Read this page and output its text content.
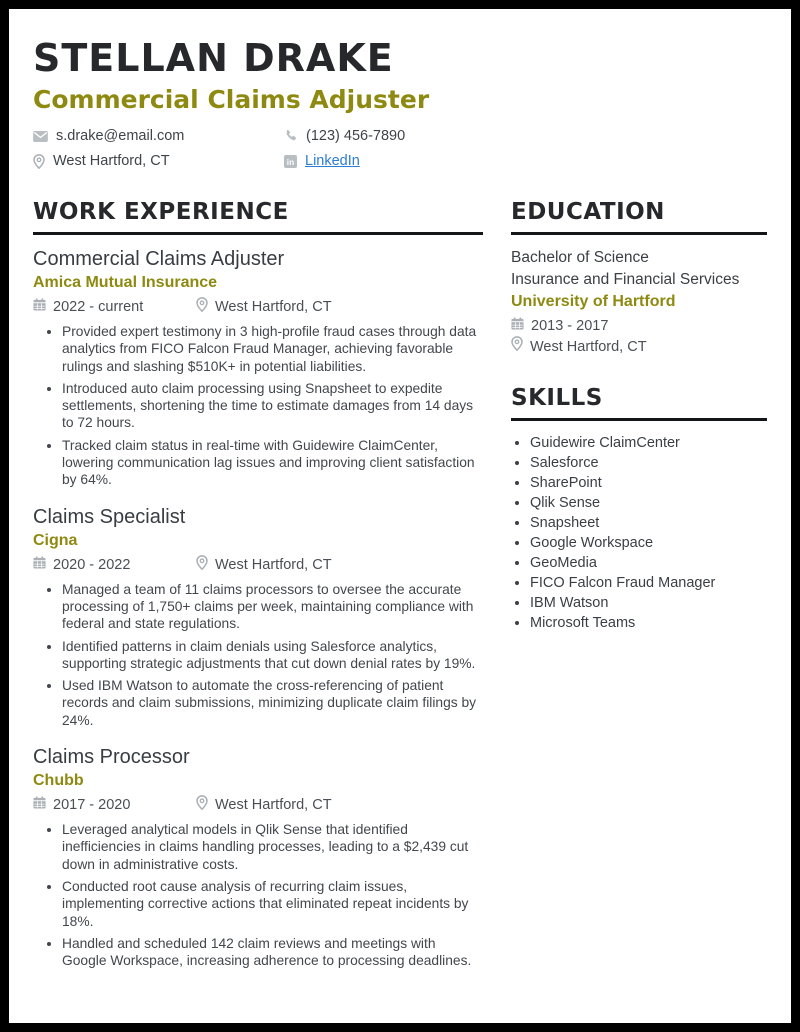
STELLAN DRAKE
Commercial Claims Adjuster
s.drake@email.com	(123) 456-7890
West Hartford, CT	in LinkedIn
WORK EXPERIENCE
Commercial Claims Adjuster
Amica Mutual Insurance
2022 - current	West Hartford, CT
• Provided expert testimony in 3 high-profile fraud cases through data analytics from FICO Falcon Fraud Manager, achieving favorable rulings and slashing $510K+ in potential liabilities.
• Introduced auto claim processing using Snapsheet to expedite settlements, shortening the time to estimate damages from 14 days to 72 hours.
• Tracked claim status in real-time with Guidewire ClaimCenter, lowering communication lag issues and improving client satisfaction by 64%.
Claims Specialist
Cigna
2020 - 2022	West Hartford, CT
• Managed a team of 11 claims processors to oversee the accurate processing of 1,750+ claims per week, maintaining compliance with federal and state regulations.
• Identified patterns in claim denials using Salesforce analytics, supporting strategic adjustments that cut down denial rates by 19%.
• Used IBM Watson to automate the cross-referencing of patient records and claim submissions, minimizing duplicate claim filings by 24%.
Claims Processor
Chubb
2017 - 2020	West Hartford, CT
• Leveraged analytical models in Qlik Sense that identified inefficiencies in claims handling processes, leading to a $2,439 cut down in administrative costs.
• Conducted root cause analysis of recurring claim issues, implementing corrective actions that eliminated repeat incidents by 18%.
• Handled and scheduled 142 claim reviews and meetings with Google Workspace, increasing adherence to processing deadlines.
EDUCATION

Bachelor of Science

Insurance and Financial Services

University of Hartford
2013 - 2017
West Hartford, CT
SKILLS
• Guidewire ClaimCenter
• Salesforce
• SharePoint
• Qlik Sense
• Snapsheet
• Google Workspace
• GeoMedia
• FICO Falcon Fraud Manager
• IBM Watson
• Microsoft Teams
